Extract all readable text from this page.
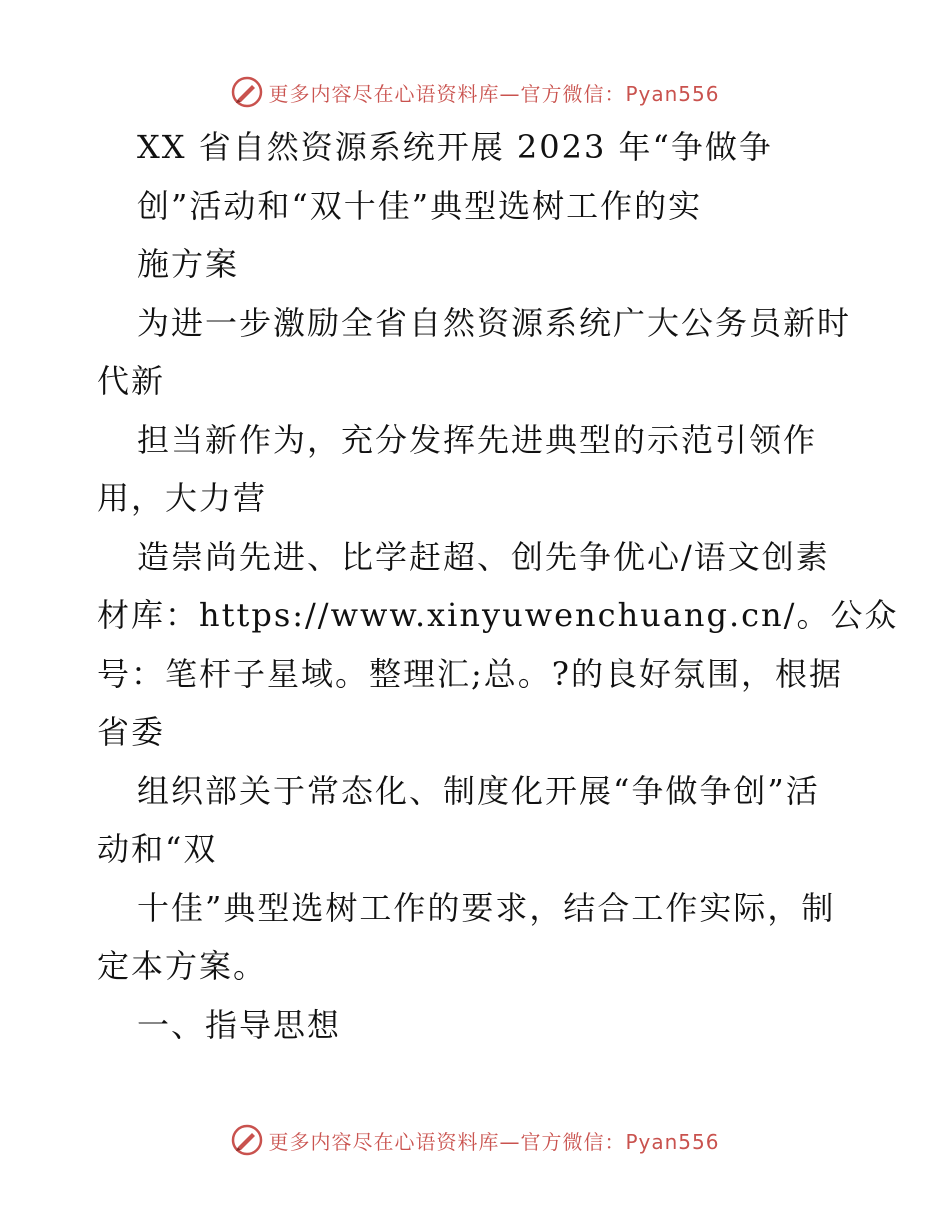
更多内容尽在心语资料库—官方微信：Pyan556
XX 省自然资源系统开展 2023 年“争做争
创”活动和“双十佳”典型选树工作的实
施方案
为进一步激励全省自然资源系统广大公务员新时
代新
担当新作为，充分发挥先进典型的示范引领作
用，大力营
造崇尚先进、比学赶超、创先争优心/语文创素
材库：https://www.xinyuwenchuang.cn/。公众
号：笔杆子星域。整理汇;总。?的良好氛围，根据
省委
组织部关于常态化、制度化开展“争做争创”活
动和“双
十佳”典型选树工作的要求，结合工作实际，制
定本方案。
一、指导思想
更多内容尽在心语资料库—官方微信：Pyan556
